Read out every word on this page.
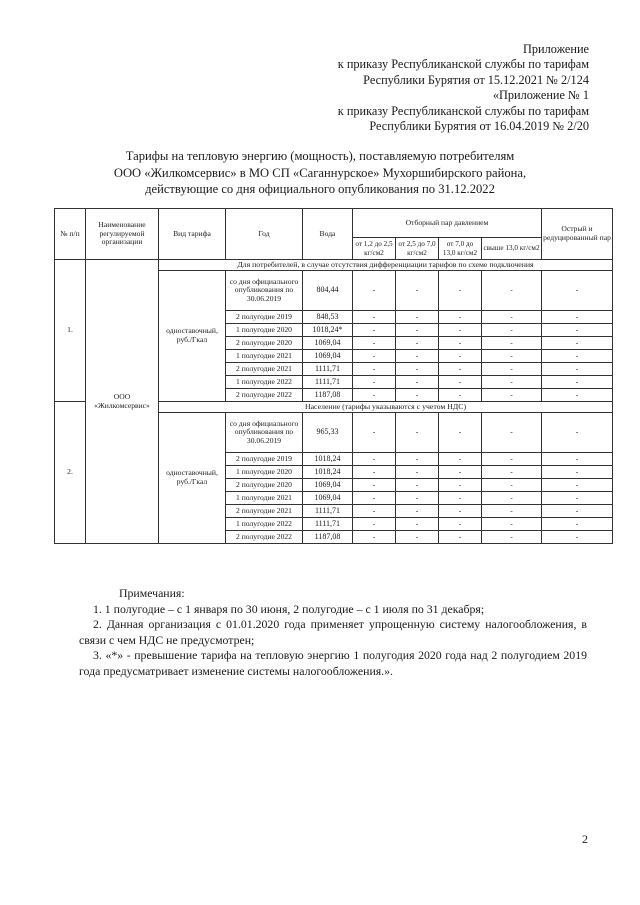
Приложение
к приказу Республиканской службы по тарифам
Республики Бурятия от 15.12.2021 № 2/124
«Приложение № 1
к приказу Республиканской службы по тарифам
Республики Бурятия от 16.04.2019 № 2/20
Тарифы на тепловую энергию (мощность), поставляемую потребителям
ООО «Жилкомсервис» в МО СП «Саганнурское» Мухоршибирского района,
действующие со дня официального опубликования по 31.12.2022
№ п/п	Наименование регулируемой организации	Вид тарифа	Год	Вода	Отборный пар давлением				Острый и редуцированный пар
					от 1,2 до 2,5 кг/см2	от 2,5 до 7,0 кг/см2	от 7,0 до 13,0 кг/см2	свыше 13,0 кг/см2	
1.	ООО «Жилкомсервис»	Для потребителей, в случае отсутствия дифференциации тарифов по схеме подключения							
		одноставочный, руб./Гкал	со дня официального опубликования по 30.06.2019	804,44	-	-	-	-	-
			2 полугодие 2019	848,53	-	-	-	-	-
			1 полугодие 2020	1018,24*	-	-	-	-	-
			2 полугодие 2020	1069,04	-	-	-	-	-
			1 полугодие 2021	1069,04	-	-	-	-	-
			2 полугодие 2021	1111,71	-	-	-	-	-
			1 полугодие 2022	1111,71	-	-	-	-	-
			2 полугодие 2022	1187,08	-	-	-	-	-
2.		Население (тарифы указываются с учетом НДС)							
		одноставочный, руб./Гкал	со дня официального опубликования по 30.06.2019	965,33	-	-	-	-	-
			2 полугодие 2019	1018,24	-	-	-	-	-
			1 полугодие 2020	1018,24	-	-	-	-	-
			2 полугодие 2020	1069,04	-	-	-	-	-
			1 полугодие 2021	1069,04	-	-	-	-	-
			2 полугодие 2021	1111,71	-	-	-	-	-
			1 полугодие 2022	1111,71	-	-	-	-	-
			2 полугодие 2022	1187,08	-	-	-	-	-

Примечания:

1. 1 полугодие – с 1 января по 30 июня, 2 полугодие – с 1 июля по 31 декабря;

2. Данная организация с 01.01.2020 года применяет упрощенную систему налогообложения, в связи с чем НДС не предусмотрен;

3. «*» - превышение тарифа на тепловую энергию 1 полугодия 2020 года над 2 полугодием 2019 года предусматривает изменение системы налогообложения.».

2
